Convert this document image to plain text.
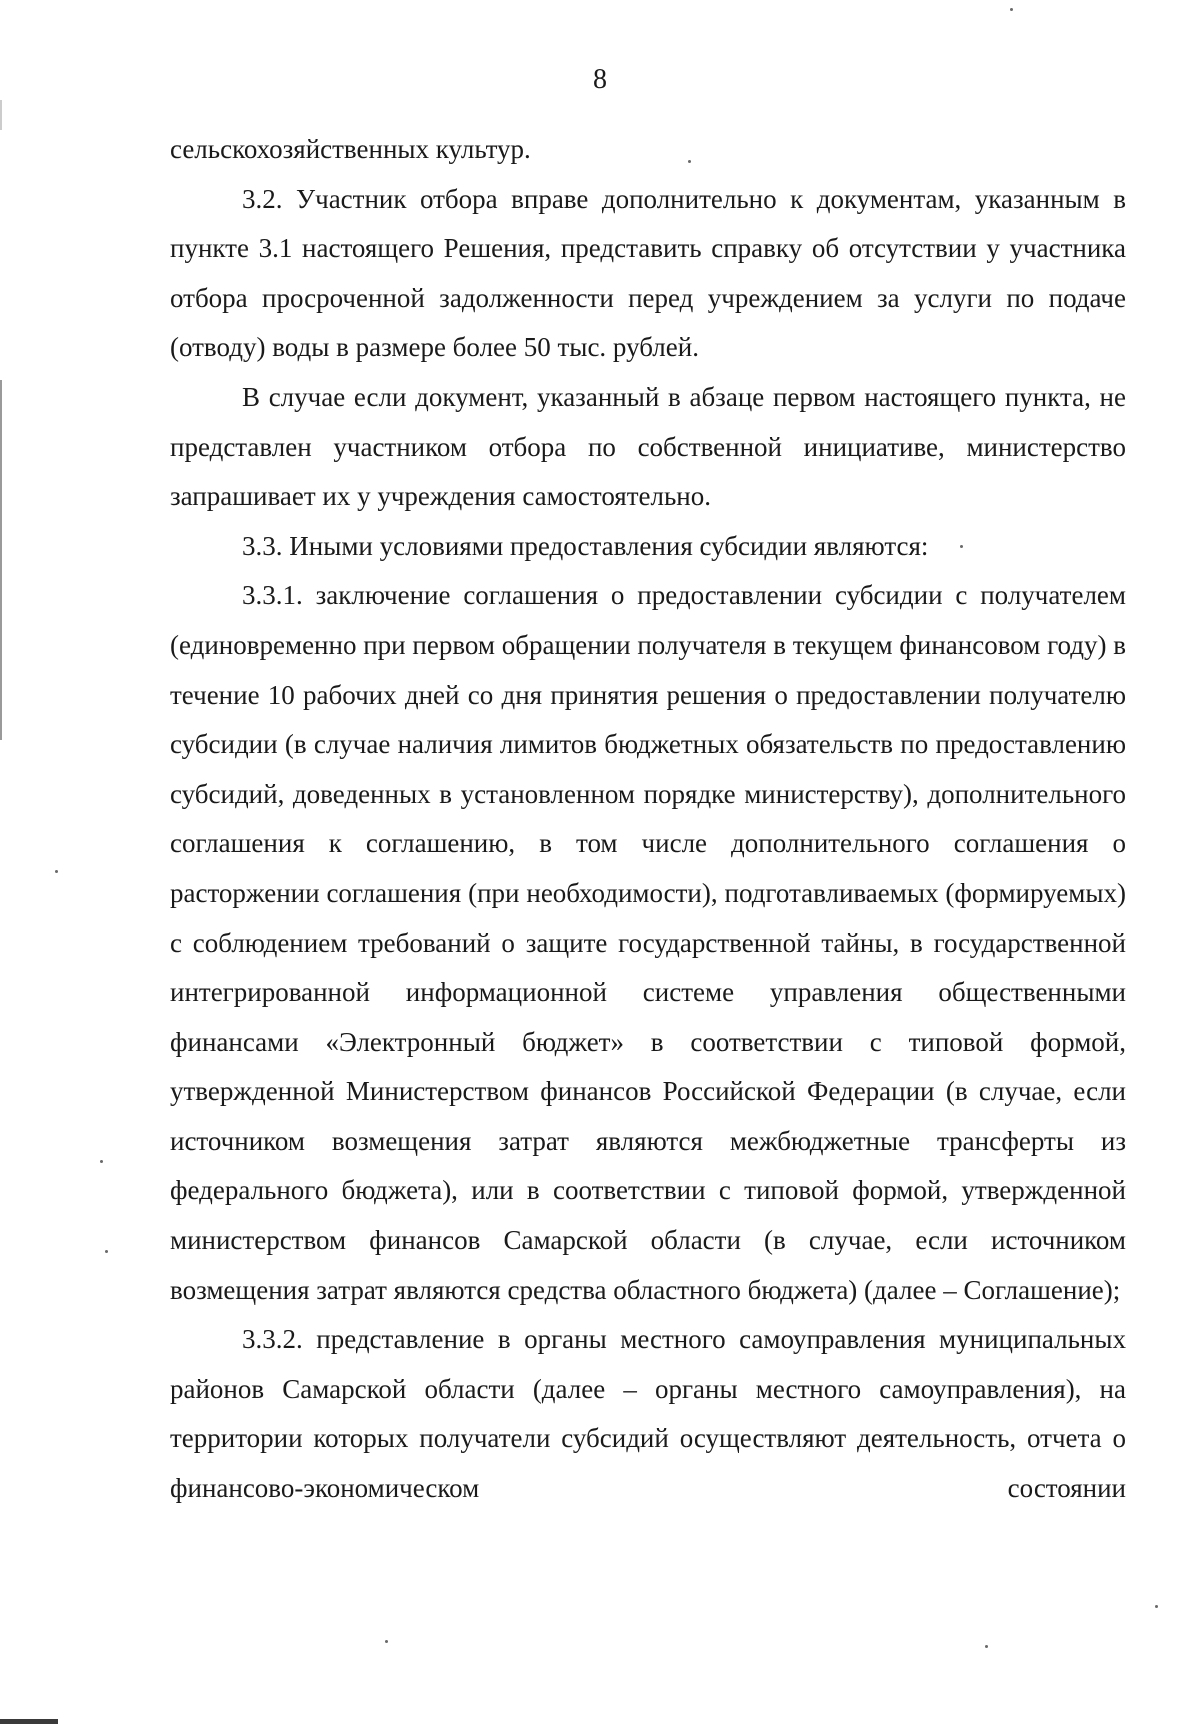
8

сельскохозяйственных культур.

3.2. Участник отбора вправе дополнительно к документам, указанным в пункте 3.1 настоящего Решения, представить справку об отсутствии у участника отбора просроченной задолженности перед учреждением за услуги по подаче (отводу) воды в размере более 50 тыс. рублей.

В случае если документ, указанный в абзаце первом настоящего пункта, не представлен участником отбора по собственной инициативе, министерство запрашивает их у учреждения самостоятельно.

3.3. Иными условиями предоставления субсидии являются:

3.3.1. заключение соглашения о предоставлении субсидии с получателем (единовременно при первом обращении получателя в текущем финансовом году) в течение 10 рабочих дней со дня принятия решения о предоставлении получателю субсидии (в случае наличия лимитов бюджетных обязательств по предоставлению субсидий, доведенных в установленном порядке министерству), дополнительного соглашения к соглашению, в том числе дополнительного соглашения о расторжении соглашения (при необходимости), подготавливаемых (формируемых) с соблюдением требований о защите государственной тайны, в государственной интегрированной информационной системе управления общественными финансами «Электронный бюджет» в соответствии с типовой формой, утвержденной Министерством финансов Российской Федерации (в случае, если источником возмещения затрат являются межбюджетные трансферты из федерального бюджета), или в соответствии с типовой формой, утвержденной министерством финансов Самарской области (в случае, если источником возмещения затрат являются средства областного бюджета) (далее – Соглашение);

3.3.2. представление в органы местного самоуправления муниципальных районов Самарской области (далее – органы местного самоуправления), на территории которых получатели субсидий осуществляют деятельность, отчета о финансово-экономическом состоянии
